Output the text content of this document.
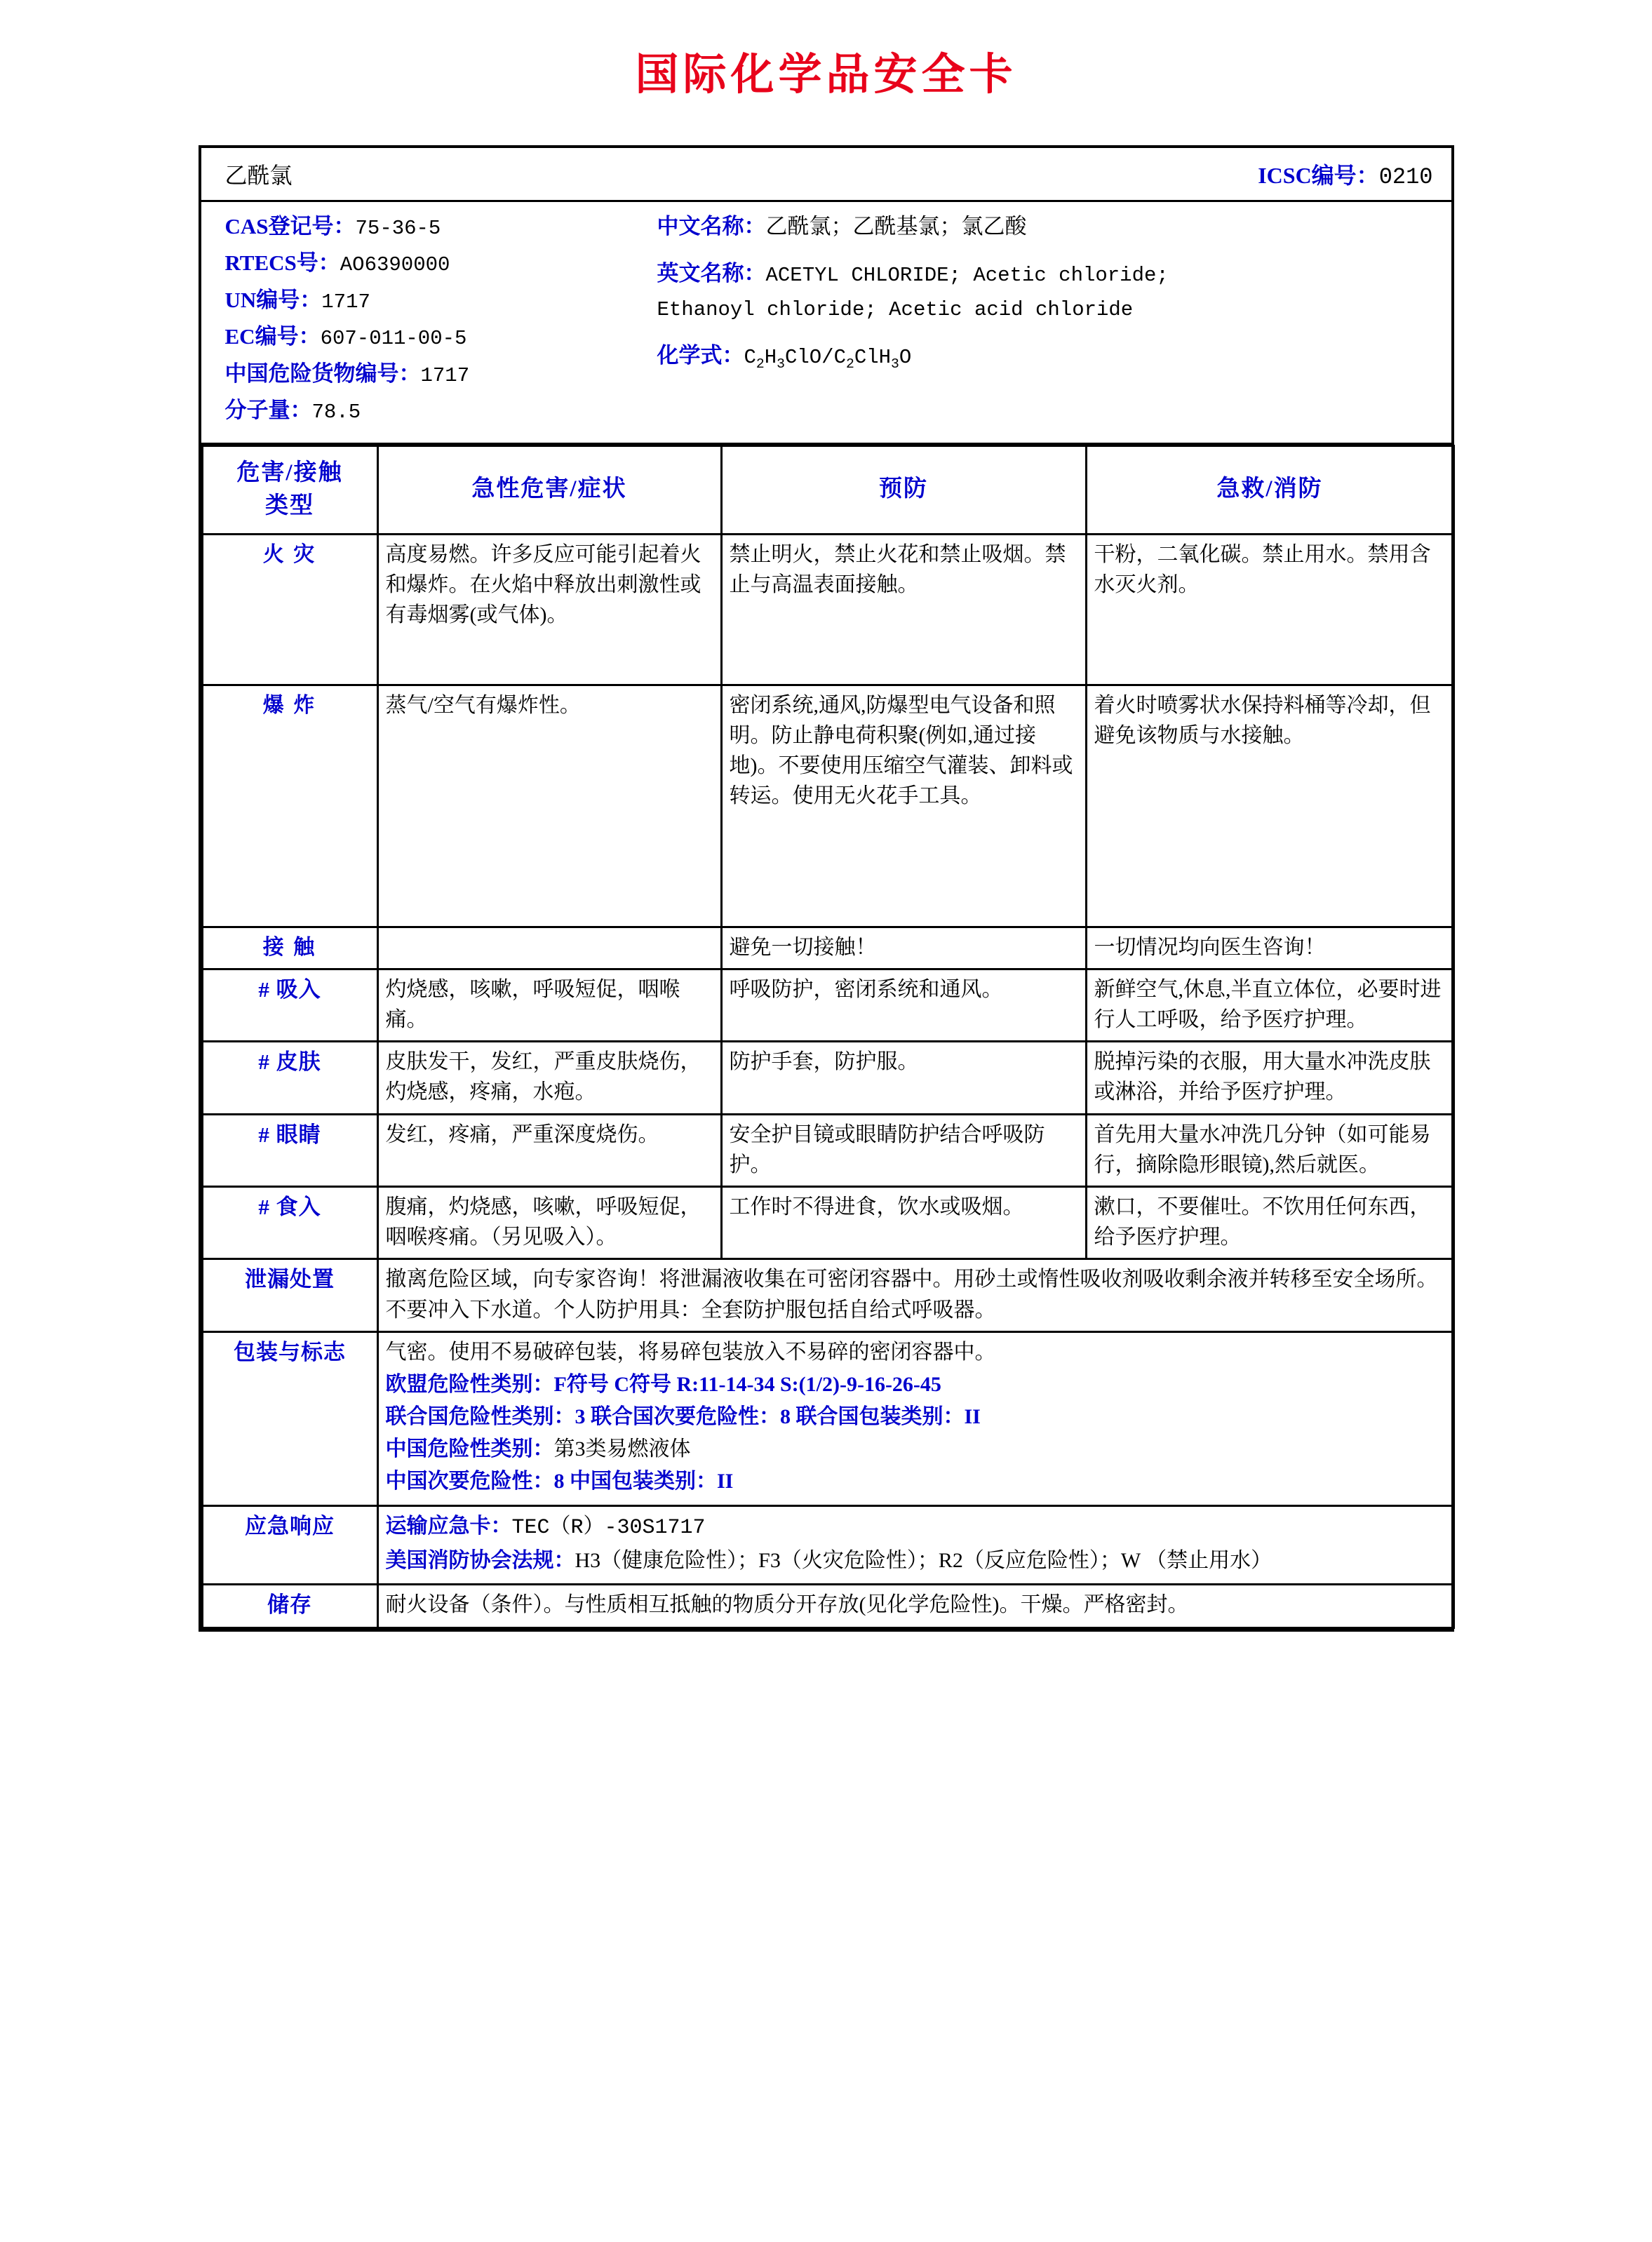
国际化学品安全卡
乙酰氯	ICSC编号：0210

CAS登记号：75-36-5

RTECS号：AO6390000

UN编号：1717

EC编号：607-011-00-5

中国危险货物编号：1717

分子量：78.5

中文名称：乙酰氯；乙酰基氯；氯乙酸

英文名称：ACETYL CHLORIDE; Acetic chloride;

Ethanoyl chloride; Acetic acid chloride

化学式：$C_2H_3ClO/C_2ClH_3O$

危害/接触
类型	急性危害/症状	预防	急救/消防
火 灾	高度易燃。许多反应可能引起着火和爆炸。在火焰中释放出刺激性或有毒烟雾(或气体)。	禁止明火，禁止火花和禁止吸烟。禁止与高温表面接触。	干粉，二氧化碳。禁止用水。禁用含水灭火剂。
爆 炸	蒸气/空气有爆炸性。	密闭系统,通风,防爆型电气设备和照明。防止静电荷积聚(例如,通过接地)。不要使用压缩空气灌装、卸料或转运。使用无火花手工具。	着火时喷雾状水保持料桶等冷却，但避免该物质与水接触。
接 触		避免一切接触！	一切情况均向医生咨询！
# 吸入	灼烧感，咳嗽，呼吸短促，咽喉痛。	呼吸防护，密闭系统和通风。	新鲜空气,休息,半直立体位，必要时进行人工呼吸，给予医疗护理。
# 皮肤	皮肤发干，发红，严重皮肤烧伤，灼烧感，疼痛，水疱。	防护手套，防护服。	脱掉污染的衣服，用大量水冲洗皮肤或淋浴，并给予医疗护理。
# 眼睛	发红，疼痛，严重深度烧伤。	安全护目镜或眼睛防护结合呼吸防护。	首先用大量水冲洗几分钟（如可能易行，摘除隐形眼镜),然后就医。
# 食入	腹痛，灼烧感，咳嗽，呼吸短促，咽喉疼痛。（另见吸入）。	工作时不得进食，饮水或吸烟。	漱口，不要催吐。不饮用任何东西，给予医疗护理。
泄漏处置	撤离危险区域，向专家咨询！将泄漏液收集在可密闭容器中。用砂土或惰性吸收剂吸收剩余液并转移至安全场所。不要冲入下水道。个人防护用具：全套防护服包括自给式呼吸器。		
包装与标志	气密。使用不易破碎包装，将易碎包装放入不易碎的密闭容器中。
欧盟危险性类别：F符号 C符号 R:11-14-34 S:(1/2)-9-16-26-45
联合国危险性类别：3 联合国次要危险性：8 联合国包装类别：II
中国危险性类别：第3类易燃液体
中国次要危险性：8 中国包装类别：II		

应急响应	运输应急卡：TEC（R）-30S1717
美国消防协会法规：H3（健康危险性）；F3（火灾危险性）；R2（反应危险性）；W （禁止用水）		

储存	耐火设备（条件）。与性质相互抵触的物质分开存放(见化学危险性)。干燥。严格密封。		
